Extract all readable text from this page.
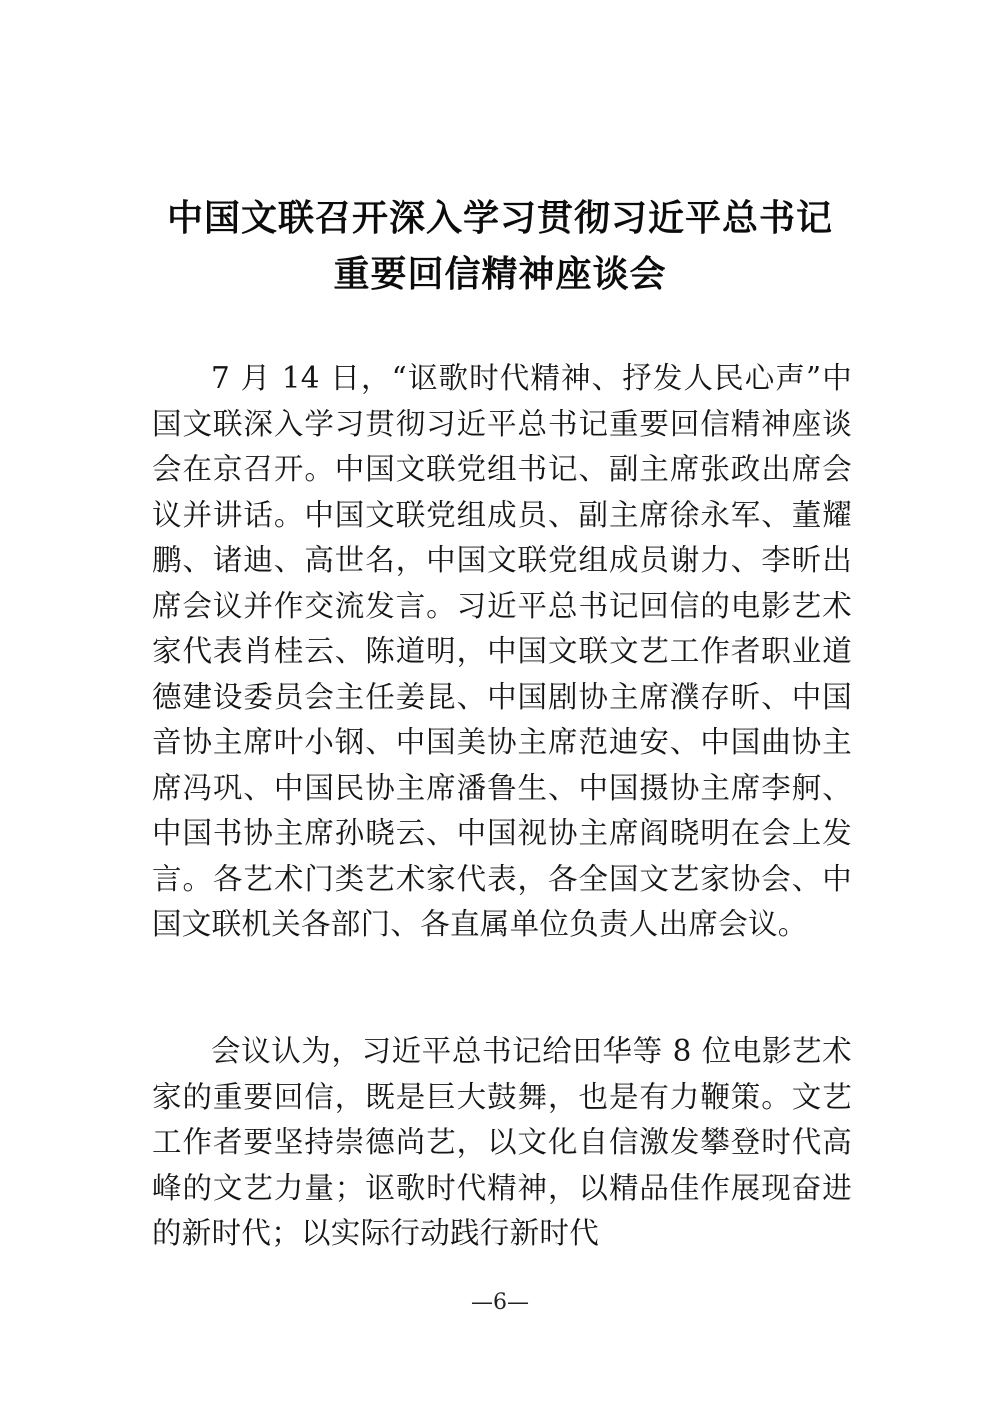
中国文联召开深入学习贯彻习近平总书记
重要回信精神座谈会

7 月 14 日，“讴歌时代精神、抒发人民心声”中国文联深入学习贯彻习近平总书记重要回信精神座谈会在京召开。中国文联党组书记、副主席张政出席会议并讲话。中国文联党组成员、副主席徐永军、董耀鹏、诸迪、高世名，中国文联党组成员谢力、李昕出席会议并作交流发言。习近平总书记回信的电影艺术家代表肖桂云、陈道明，中国文联文艺工作者职业道德建设委员会主任姜昆、中国剧协主席濮存昕、中国音协主席叶小钢、中国美协主席范迪安、中国曲协主席冯巩、中国民协主席潘鲁生、中国摄协主席李舸、中国书协主席孙晓云、中国视协主席阎晓明在会上发言。各艺术门类艺术家代表，各全国文艺家协会、中国文联机关各部门、各直属单位负责人出席会议。

会议认为，习近平总书记给田华等 8 位电影艺术家的重要回信，既是巨大鼓舞，也是有力鞭策。文艺工作者要坚持崇德尚艺，以文化自信激发攀登时代高峰的文艺力量；讴歌时代精神，以精品佳作展现奋进的新时代；以实际行动践行新时代

—6—
